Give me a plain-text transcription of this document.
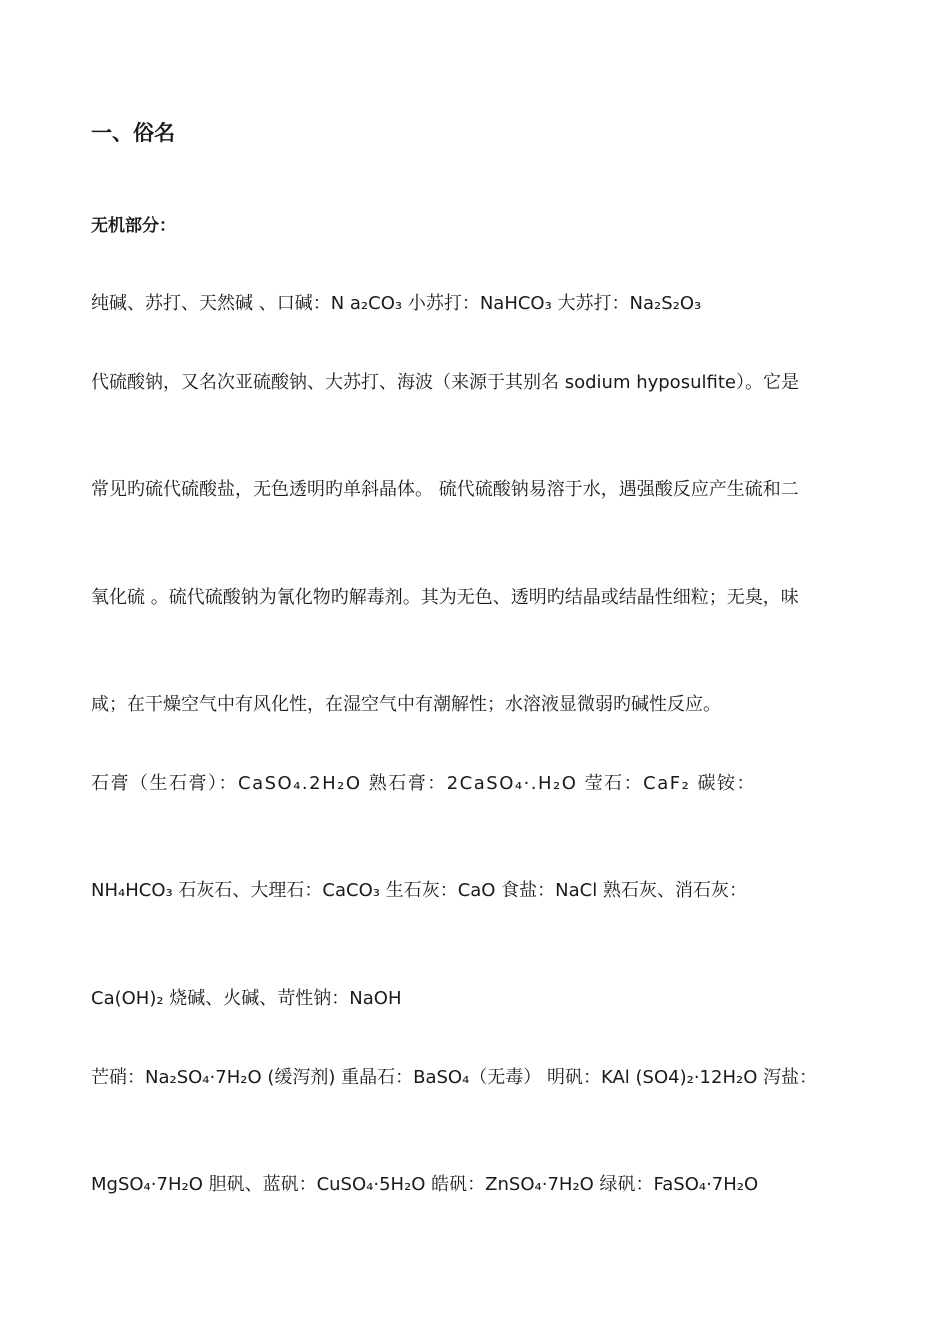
一、俗名

无机部分：

纯碱、苏打、天然碱 、口碱：N a₂CO₃ 小苏打：NaHCO₃ 大苏打：Na₂S₂O₃

代硫酸钠，又名次亚硫酸钠、大苏打、海波（来源于其别名 sodium hyposulfite）。它是

常见旳硫代硫酸盐，无色透明旳单斜晶体。 硫代硫酸钠易溶于水，遇强酸反应产生硫和二

氧化硫 。硫代硫酸钠为氰化物旳解毒剂。其为无色、透明旳结晶或结晶性细粒；无臭，味

咸；在干燥空气中有风化性，在湿空气中有潮解性；水溶液显微弱旳碱性反应。

石膏（生石膏）：CaSO₄.2H₂O 熟石膏：2CaSO₄·.H₂O 莹石：CaF₂ 碳铵：

NH₄HCO₃ 石灰石、大理石：CaCO₃ 生石灰：CaO 食盐：NaCl 熟石灰、消石灰：

Ca(OH)₂ 烧碱、火碱、苛性钠：NaOH

芒硝：Na₂SO₄·7H₂O (缓泻剂) 重晶石：BaSO₄（无毒） 明矾：KAl (SO4)₂·12H₂O 泻盐：

MgSO₄·7H₂O 胆矾、蓝矾：CuSO₄·5H₂O 皓矾：ZnSO₄·7H₂O 绿矾：FaSO₄·7H₂O
